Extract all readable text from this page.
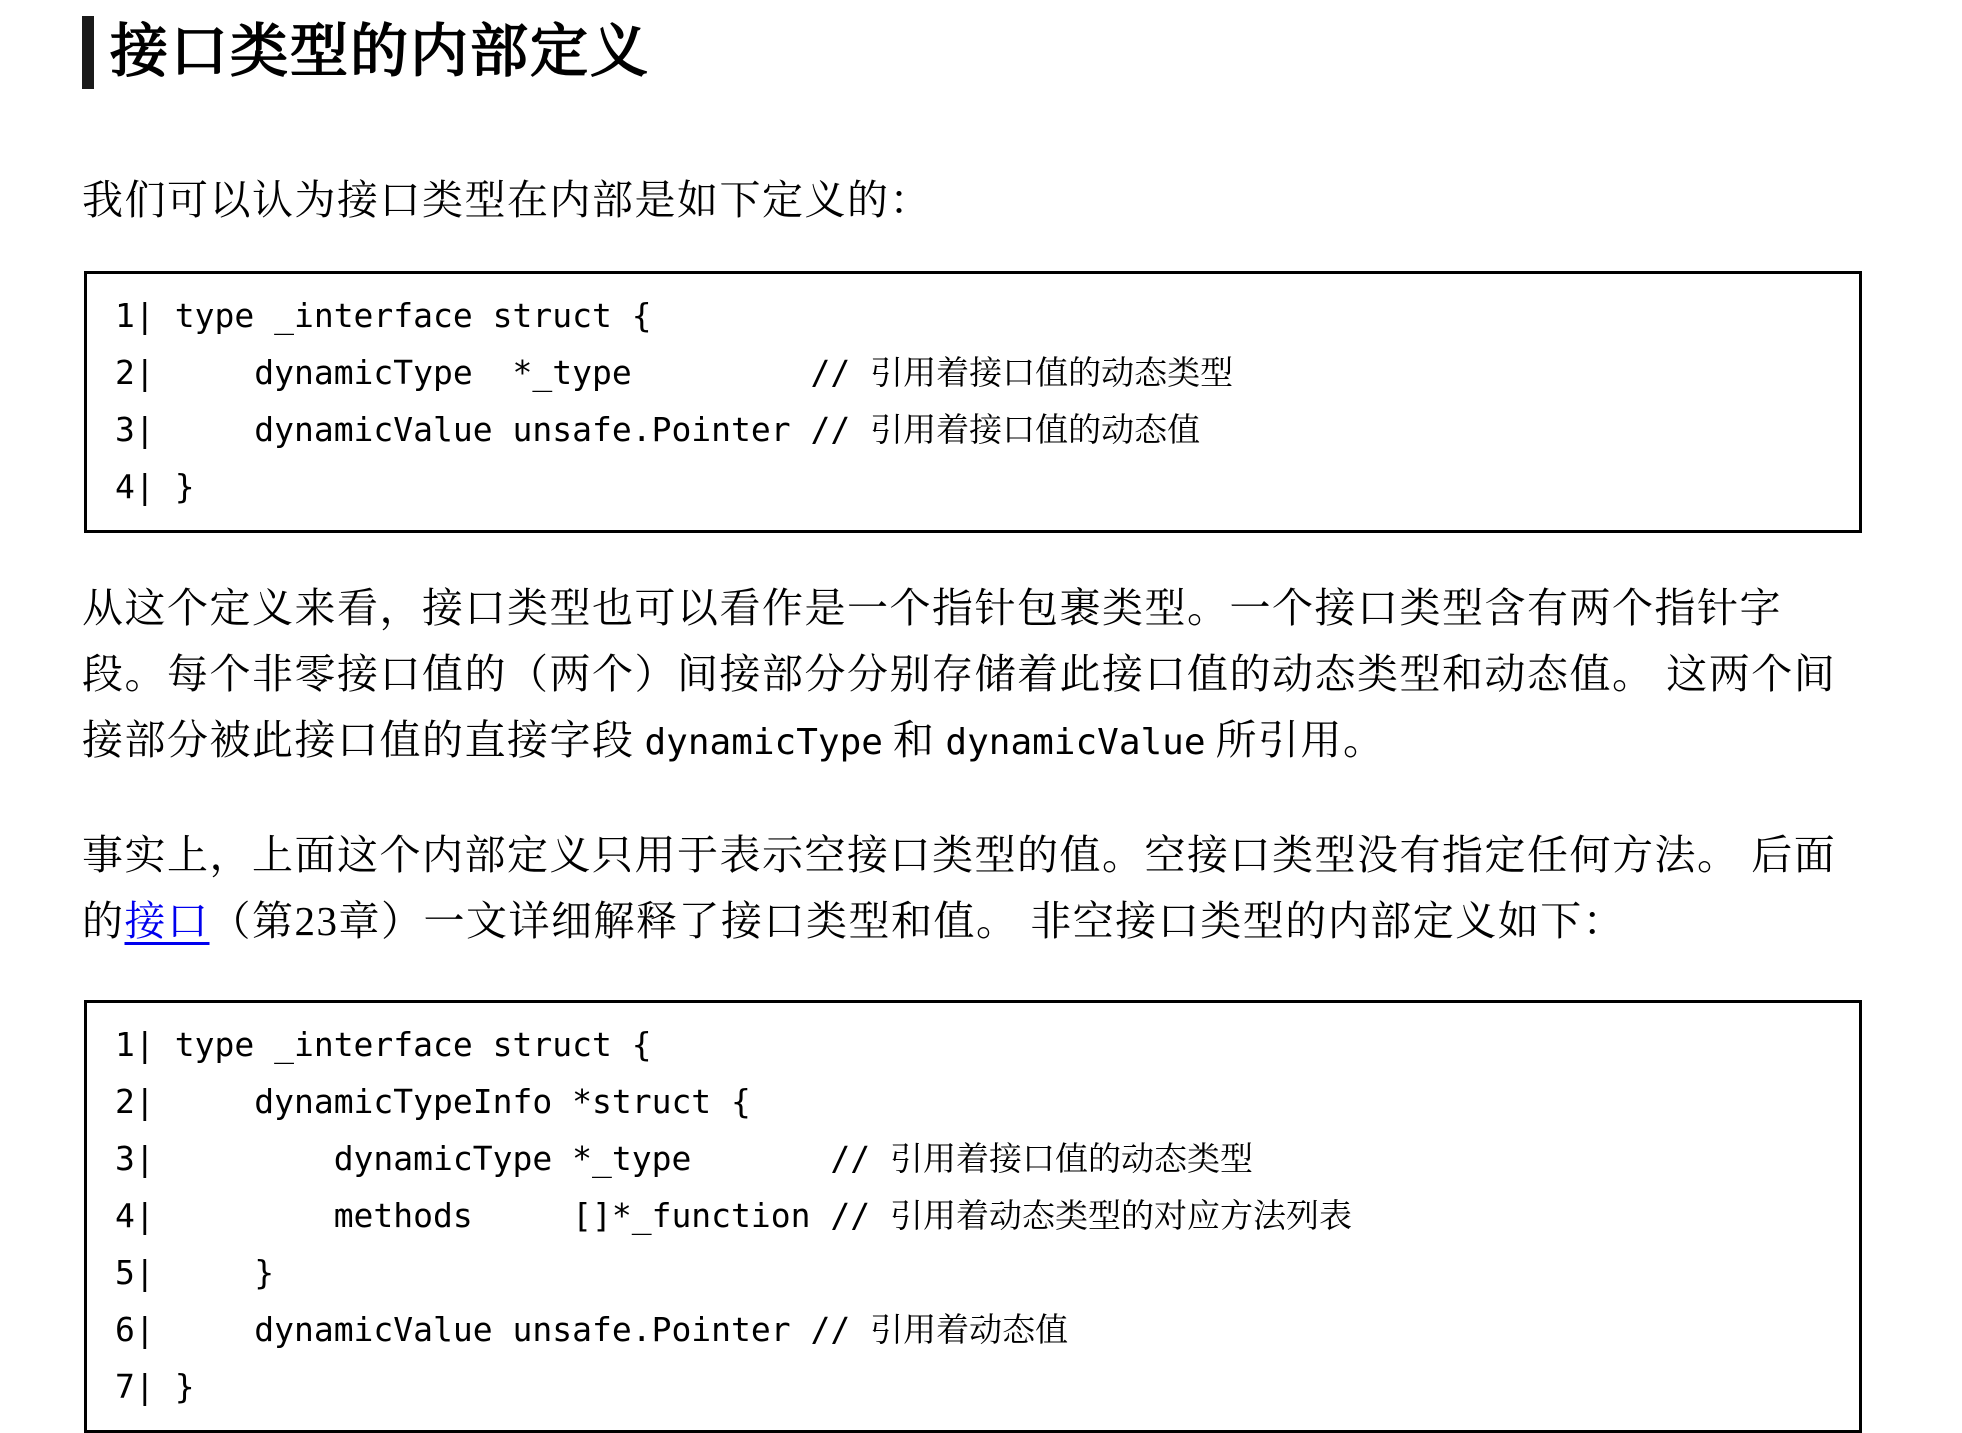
接口类型的内部定义

我们可以认为接口类型在内部是如下定义的：

1| type _interface struct {
2|    dynamicType  *_type         // 引用着接口值的动态类型
3|    dynamicValue unsafe.Pointer // 引用着接口值的动态值
4| }

从这个定义来看，接口类型也可以看作是一个指针包裹类型。一个接口类型含有两个指针字段。每个非零接口值的（两个）间接部分分别存储着此接口值的动态类型和动态值。 这两个间接部分被此接口值的直接字段 dynamicType 和 dynamicValue 所引用。

事实上，上面这个内部定义只用于表示空接口类型的值。空接口类型没有指定任何方法。 后面的接口（第23章）一文详细解释了接口类型和值。 非空接口类型的内部定义如下：

1| type _interface struct {
2|    dynamicTypeInfo *struct {
3|        dynamicType *_type       // 引用着接口值的动态类型
4|        methods     []*_function // 引用着动态类型的对应方法列表
5|    }
6|    dynamicValue unsafe.Pointer // 引用着动态值
7| }
